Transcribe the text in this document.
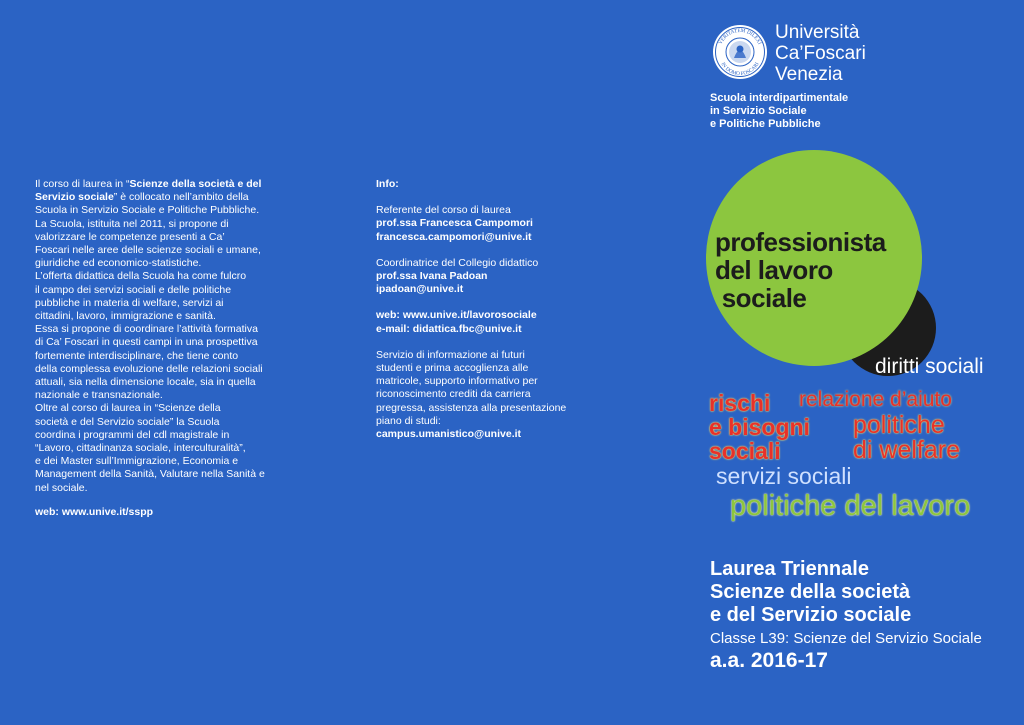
Il corso di laurea in “Scienze della società e del

Servizio sociale” è collocato nell’ambito della

Scuola in Servizio Sociale e Politiche Pubbliche.

La Scuola, istituita nel 2011, si propone di

valorizzare le competenze presenti a Ca’

Foscari nelle aree delle scienze sociali e umane,

giuridiche ed economico-statistiche.

L’offerta didattica della Scuola ha come fulcro

il campo dei servizi sociali e delle politiche

pubbliche in materia di welfare, servizi ai

cittadini, lavoro, immigrazione e sanità.

Essa si propone di coordinare l’attività formativa

di Ca’ Foscari in questi campi in una prospettiva

fortemente interdisciplinare, che tiene conto

della complessa evoluzione delle relazioni sociali

attuali, sia nella dimensione locale, sia in quella

nazionale e transnazionale.

Oltre al corso di laurea in “Scienze della

società e del Servizio sociale” la Scuola

coordina i programmi del cdl magistrale in

“Lavoro, cittadinanza sociale, interculturalità”,

e dei Master sull’Immigrazione, Economia e

Management della Sanità, Valutare nella Sanità e

nel sociale.

web: www.unive.it/sspp

Info:

Referente del corso di laurea

prof.ssa Francesca Campomori

francesca.campomori@unive.it

Coordinatrice del Collegio didattico

prof.ssa Ivana Padoan

ipadoan@unive.it

web: www.unive.it/lavorosociale

e-mail: didattica.fbc@unive.it

Servizio di informazione ai futuri

studenti e prima accoglienza alle

matricole, supporto informativo per

riconoscimento crediti da carriera

pregressa, assistenza alla presentazione

piano di studi:

campus.umanistico@unive.it

VERITATEM DILEXI
IN DOMO FOSCARI
Università
Ca’Foscari
Venezia
Scuola interdipartimentale
in Servizio Sociale
e Politiche Pubbliche
professionista
del lavoro
sociale
diritti sociali
rischi
e bisogni
sociali
relazione d’aiuto
politiche
di welfare
servizi sociali
politiche del lavoro
Laurea Triennale
Scienze della società
e del Servizio sociale
Classe L39: Scienze del Servizio Sociale
a.a. 2016-17
